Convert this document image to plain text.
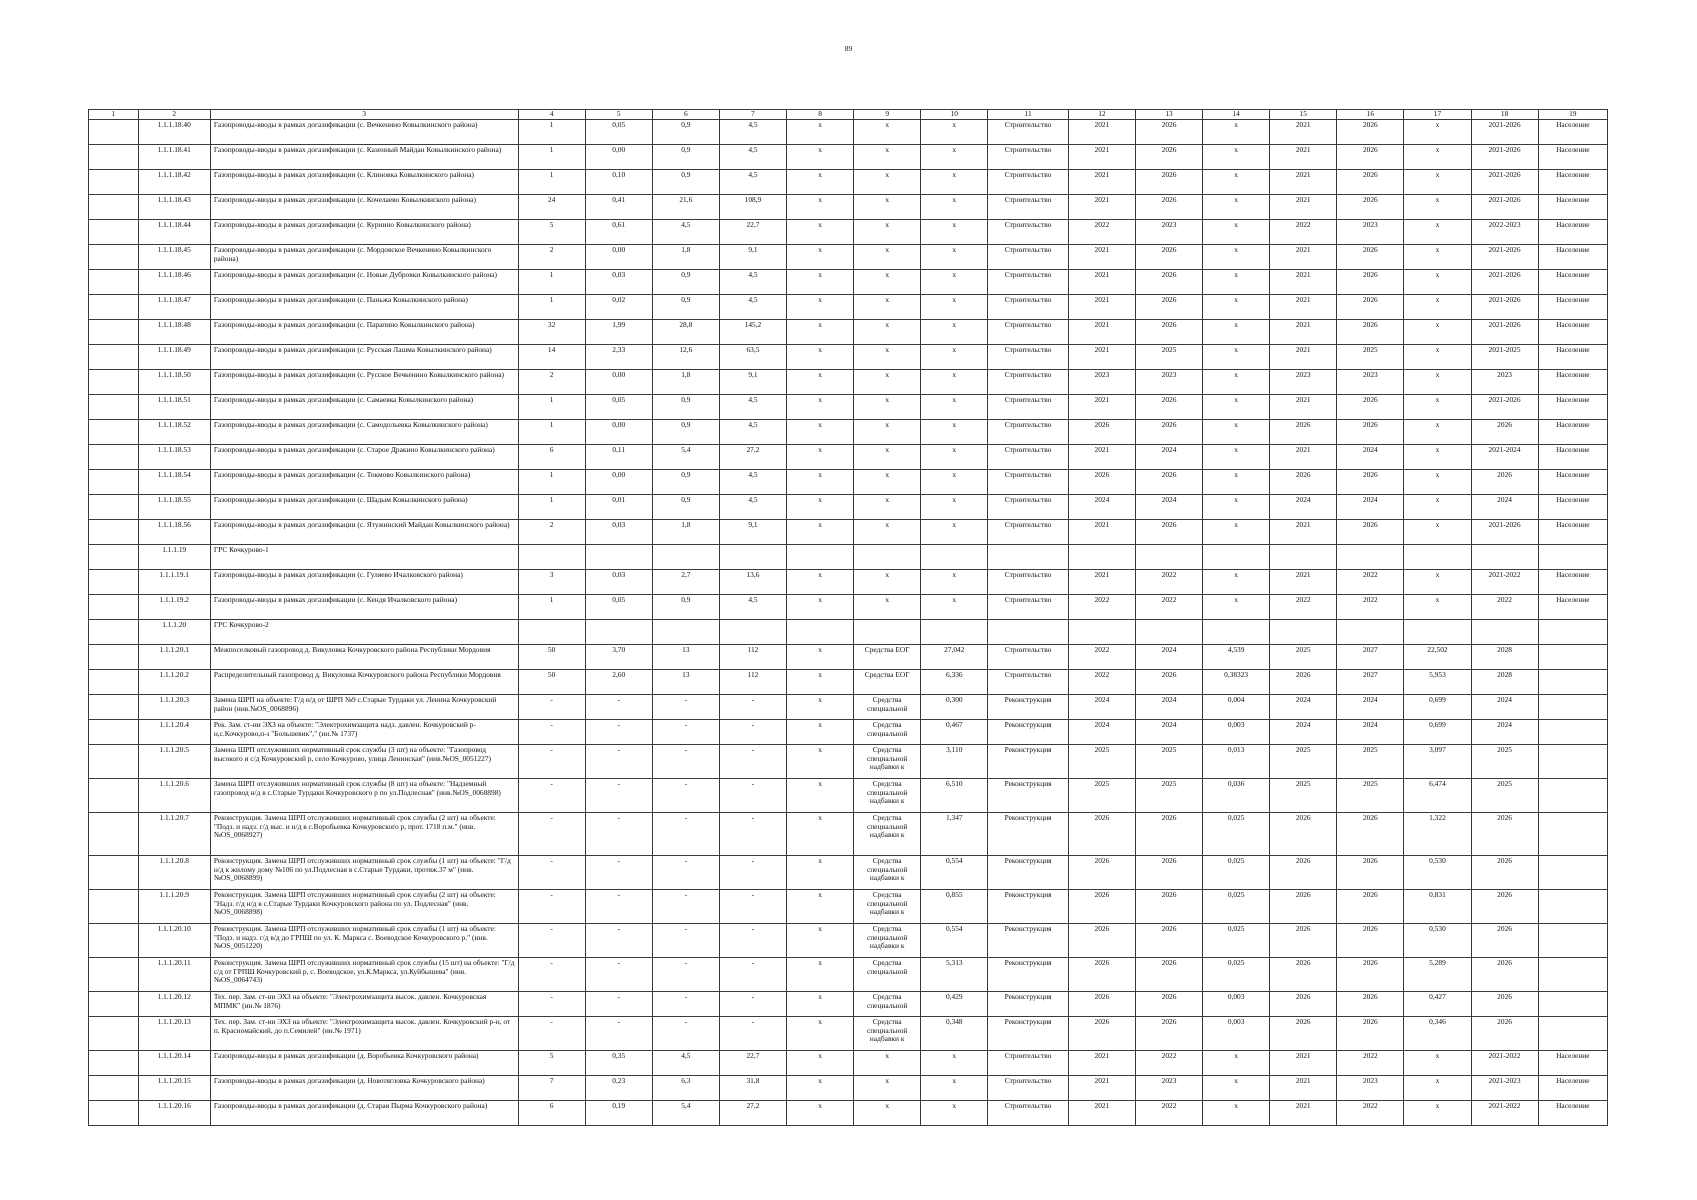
89
1	2	3	4	5	6	7	8	9	10	11	12	13	14	15	16	17	18	19
	1.1.1.18.40	Газопроводы-вводы в рамках догазификации (с. Вечкенино Ковылкинского района)	1	0,05	0,9	4,5	x	x	x	Строительство	2021	2026	x	2021	2026	x	2021-2026	Население
	1.1.1.18.41	Газопроводы-вводы в рамках догазификации (с. Казенный Майдан Ковылкинского района)	1	0,00	0,9	4,5	x	x	x	Строительство	2021	2026	x	2021	2026	x	2021-2026	Население
	1.1.1.18.42	Газопроводы-вводы в рамках догазификации (с. Клиновка Ковылкинского района)	1	0,10	0,9	4,5	x	x	x	Строительство	2021	2026	x	2021	2026	x	2021-2026	Население
	1.1.1.18.43	Газопроводы-вводы в рамках догазификации (с. Кочелаево Ковылкинского района)	24	0,41	21,6	108,9	x	x	x	Строительство	2021	2026	x	2021	2026	x	2021-2026	Население
	1.1.1.18.44	Газопроводы-вводы в рамках догазификации (с. Курнино Ковылкинского района)	5	0,61	4,5	22,7	x	x	x	Строительство	2022	2023	x	2022	2023	x	2022-2023	Население
	1.1.1.18.45	Газопроводы-вводы в рамках догазификации (с. Мордовское Вечкенино Ковылкинского района)	2	0,00	1,8	9,1	x	x	x	Строительство	2021	2026	x	2021	2026	x	2021-2026	Население
	1.1.1.18.46	Газопроводы-вводы в рамках догазификации (с. Новые Дубровки Ковылкинского района)	1	0,03	0,9	4,5	x	x	x	Строительство	2021	2026	x	2021	2026	x	2021-2026	Население
	1.1.1.18.47	Газопроводы-вводы в рамках догазификации (с. Паньжа Ковылкинского района)	1	0,02	0,9	4,5	x	x	x	Строительство	2021	2026	x	2021	2026	x	2021-2026	Население
	1.1.1.18.48	Газопроводы-вводы в рамках догазификации (с. Парапино Ковылкинского района)	32	1,99	28,8	145,2	x	x	x	Строительство	2021	2026	x	2021	2026	x	2021-2026	Население
	1.1.1.18.49	Газопроводы-вводы в рамках догазификации (с. Русская Лашма Ковылкинского района)	14	2,33	12,6	63,5	x	x	x	Строительство	2021	2025	x	2021	2025	x	2021-2025	Население
	1.1.1.18.50	Газопроводы-вводы в рамках догазификации (с. Русское Вечкенино Ковылкинского района)	2	0,00	1,8	9,1	x	x	x	Строительство	2023	2023	x	2023	2023	x	2023	Население
	1.1.1.18.51	Газопроводы-вводы в рамках догазификации (с. Самаевка Ковылкинского района)	1	0,05	0,9	4,5	x	x	x	Строительство	2021	2026	x	2021	2026	x	2021-2026	Население
	1.1.1.18.52	Газопроводы-вводы в рамках догазификации (с. Самодольевка Ковылкинского района)	1	0,00	0,9	4,5	x	x	x	Строительство	2026	2026	x	2026	2026	x	2026	Население
	1.1.1.18.53	Газопроводы-вводы в рамках догазификации (с. Старое Дракино Ковылкинского района)	6	0,11	5,4	27,2	x	x	x	Строительство	2021	2024	x	2021	2024	x	2021-2024	Население
	1.1.1.18.54	Газопроводы-вводы в рамках догазификации (с. Токмово Ковылкинского района)	1	0,00	0,9	4,5	x	x	x	Строительство	2026	2026	x	2026	2026	x	2026	Население
	1.1.1.18.55	Газопроводы-вводы в рамках догазификации (с. Шадым Ковылкинского района)	1	0,01	0,9	4,5	x	x	x	Строительство	2024	2024	x	2024	2024	x	2024	Население
	1.1.1.18.56	Газопроводы-вводы в рамках догазификации (с. Ятужинский Майдан Ковылкинского района)	2	0,03	1,8	9,1	x	x	x	Строительство	2021	2026	x	2021	2026	x	2021-2026	Население
	1.1.1.19	ГРС Кочкурово-1																
	1.1.1.19.1	Газопроводы-вводы в рамках догазификации (с. Гуляево Ичалковского района)	3	0,03	2,7	13,6	x	x	x	Строительство	2021	2022	x	2021	2022	x	2021-2022	Население
	1.1.1.19.2	Газопроводы-вводы в рамках догазификации (с. Кендя Ичалковского района)	1	0,05	0,9	4,5	x	x	x	Строительство	2022	2022	x	2022	2022	x	2022	Население
	1.1.1.20	ГРС Кочкурово-2																
	1.1.1.20.1	Межпоселковый газопровод д. Викуловка Кочкуровского района Республики Мордовия	50	3,70	13	112	x	Средства ЕОГ	27,042	Строительство	2022	2024	4,539	2025	2027	22,502	2028	
	1.1.1.20.2	Распределительный газопровод д. Викуловка Кочкуровского района Республики Мордовия	50	2,60	13	112	x	Средства ЕОГ	6,336	Строительство	2022	2026	0,38323	2026	2027	5,953	2028	
	1.1.1.20.3	Замена ШРП на объекте: Г/д н/д от ШРП №9 с.Старые Турдаки ул. Ленина Кочкуровский район (инв.№OS_0068896)	-	-	-	-	x	Средства специальной	0,300	Реконструкция	2024	2024	0,004	2024	2024	0,699	2024	
	1.1.1.20.4	Рек. Зам. ст-ии ЭХЗ на объекте: "Электрохимзащита надз. давлен. Кочкуровский р-н,с.Кочкурово,п-з "Большевик"," (ин.№ 1737)	-	-	-	-	x	Средства специальной	0,467	Реконструкция	2024	2024	0,003	2024	2024	0,699	2024	
	1.1.1.20.5	Замена ШРП отслуживших нормативный срок службы (3 шт) на объекте: "Газопровод высокого и с/д Кочкуровский р, село Кочкурово, улица Ленинская" (инв.№OS_0051227)	-	-	-	-	x	Средства специальной надбавки к	3,110	Реконструкция	2025	2025	0,013	2025	2025	3,097	2025	
	1.1.1.20.6	Замена ШРП отслуживших нормативный срок службы (8 шт) на объекте: "Надземный газопровод н/д в с.Старые Турдаки Кочкуровского р по ул.Подлесная" (инв.№OS_0068898)	-	-	-	-	x	Средства специальной надбавки к	6,510	Реконструкция	2025	2025	0,036	2025	2025	6,474	2025	
	1.1.1.20.7	Реконструкция. Замена ШРП отслуживших нормативный срок службы (2 шт) на объекте: "Подз. и надз. г/д выс. и н/д в с.Воробьевка Кочкуровского р, прот. 1718 п.м." (инв.№OS_0068927)	-	-	-	-	x	Средства специальной надбавки к	1,347	Реконструкция	2026	2026	0,025	2026	2026	1,322	2026	
	1.1.1.20.8	Реконструкция. Замена ШРП отслуживших нормативный срок службы (1 шт) на объекте: "Г/д н/д к жилому дому №106 по ул.Подлесная в с.Старые Турдаки, протяж.37 м" (инв.№OS_0068899)	-	-	-	-	x	Средства специальной надбавки к	0,554	Реконструкция	2026	2026	0,025	2026	2026	0,530	2026	
	1.1.1.20.9	Реконструкция. Замена ШРП отслуживших нормативный срок службы (2 шт) на объекте: "Надз. г/д н/д в с.Старые Турдаки Кочкуровского района по ул. Подлесная" (инв.№OS_0068898)	-	-	-	-	x	Средства специальной надбавки к	0,855	Реконструкция	2026	2026	0,025	2026	2026	0,831	2026	
	1.1.1.20.10	Реконструкция. Замена ШРП отслуживших нормативный срок службы (1 шт) на объекте: "Подз. и надз. г/д в/д до ГРПШ по ул. К. Маркса с. Воеводское Кочкуровского р." (инв.№OS_0051220)	-	-	-	-	x	Средства специальной надбавки к	0,554	Реконструкция	2026	2026	0,025	2026	2026	0,530	2026	
	1.1.1.20.11	Реконструкция. Замена ШРП отслуживших нормативный срок службы (15 шт) на объекте: "Г/д с/д от ГРПШ Кочкуровский р, с. Воеводское, ул.К.Маркса, ул.Куйбышева" (инв.№OS_0064743)	-	-	-	-	x	Средства специальной	5,313	Реконструкция	2026	2026	0,025	2026	2026	5,289	2026	
	1.1.1.20.12	Тех. пер. Зам. ст-ии ЭХЗ на объекте: "Электрохимзащита высок. давлен. Кочкуровская МПМК" (ин.№ 1876)	-	-	-	-	x	Средства специальной	0,429	Реконструкция	2026	2026	0,003	2026	2026	0,427	2026	
	1.1.1.20.13	Тех. пер. Зам. ст-ии ЭХЗ на объекте: "Электрохимзащита высок. давлен. Кочкуровский р-н, от п. Красномайский, до п.Семилей" (ин.№ 1971)	-	-	-	-	x	Средства специальной надбавки к	0,348	Реконструкция	2026	2026	0,003	2026	2026	0,346	2026	
	1.1.1.20.14	Газопроводы-вводы в рамках догазификации (д. Воробьевка Кочкуровского района)	5	0,35	4,5	22,7	x	x	x	Строительство	2021	2022	x	2021	2022	x	2021-2022	Население
	1.1.1.20.15	Газопроводы-вводы в рамках догазификации (д. Новотягловка Кочкуровского района)	7	0,23	6,3	31,8	x	x	x	Строительство	2021	2023	x	2021	2023	x	2021-2023	Население
	1.1.1.20.16	Газопроводы-вводы в рамках догазификации (д. Старая Пырма Кочкуровского района)	6	0,19	5,4	27,2	x	x	x	Строительство	2021	2022	x	2021	2022	x	2021-2022	Население
